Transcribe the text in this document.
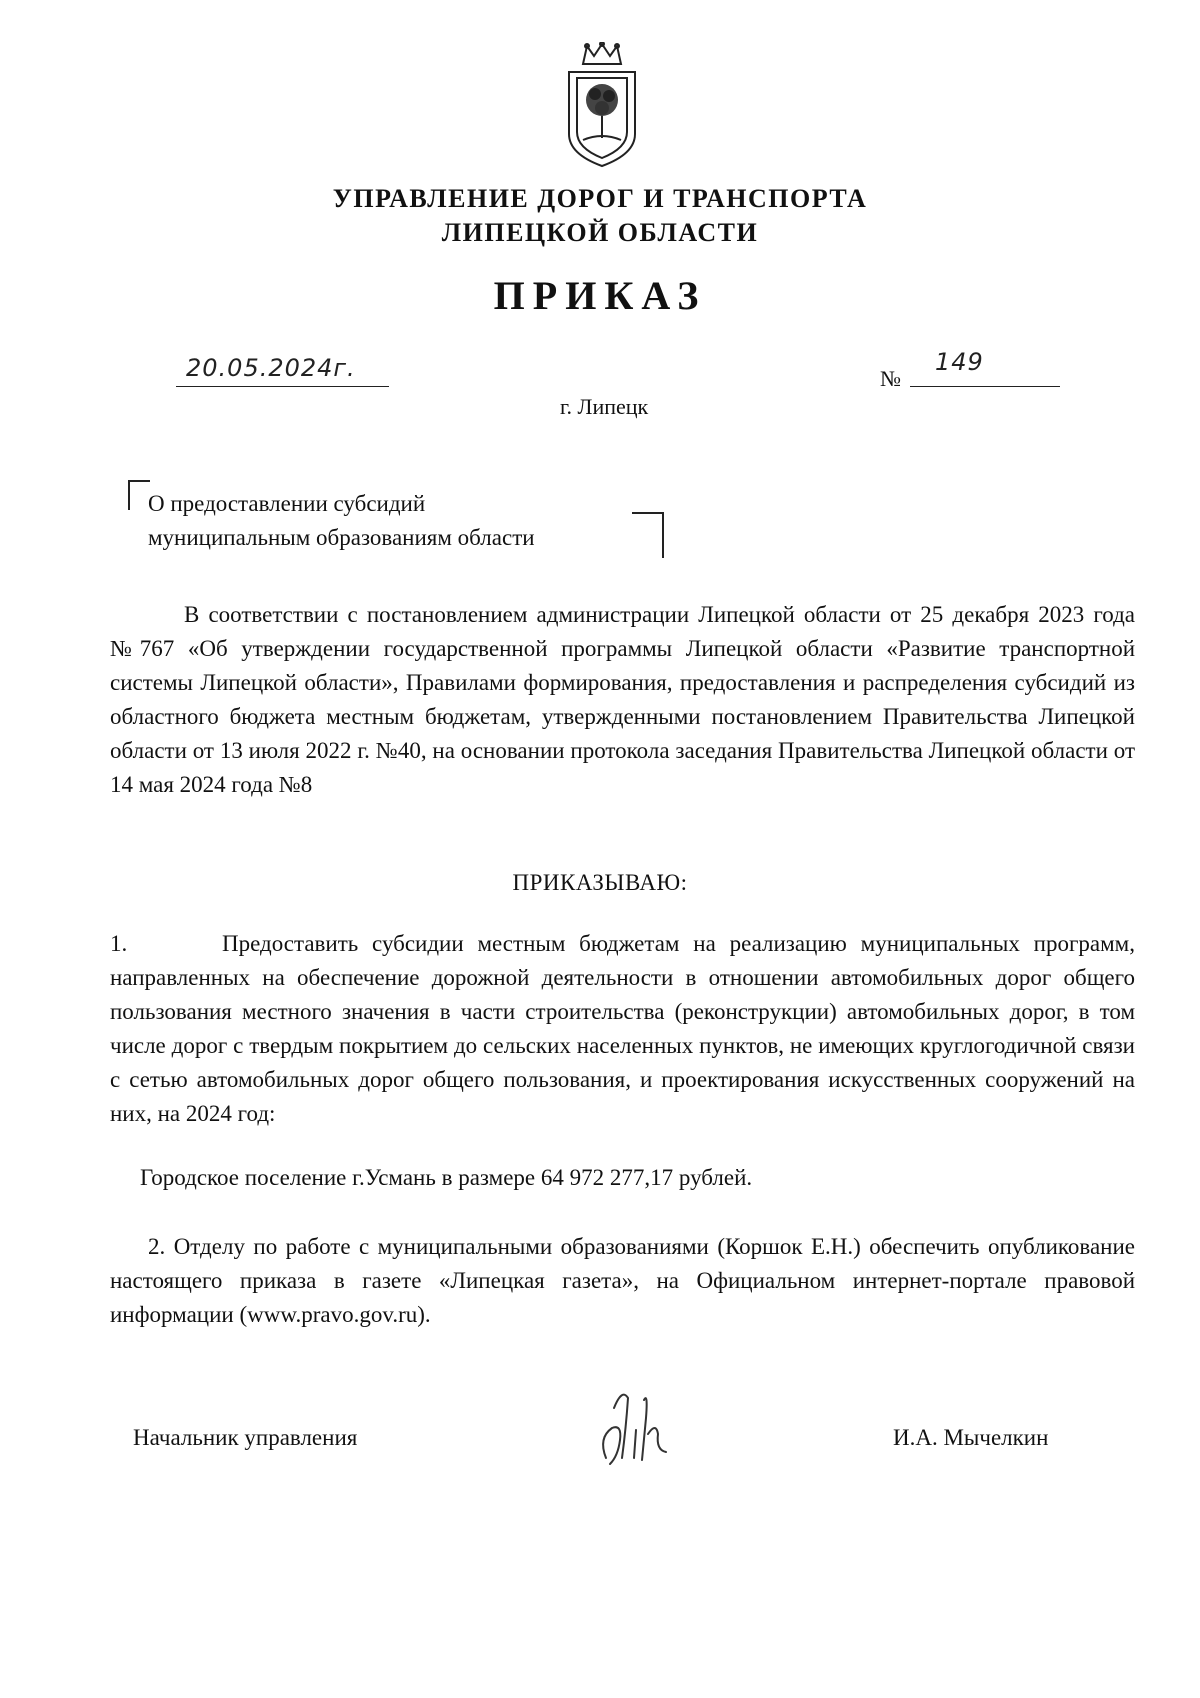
УПРАВЛЕНИЕ ДОРОГ И ТРАНСПОРТА
ЛИПЕЦКОЙ ОБЛАСТИ
ПРИКАЗ
20.05.2024г.	№
149
г. Липецк
О предоставлении субсидий
муниципальным образованиям области
В соответствии с постановлением администрации Липецкой области от 25 декабря 2023 года №767 «Об утверждении государственной программы Липецкой области «Развитие транспортной системы Липецкой области», Правилами формирования, предоставления и распределения субсидий из областного бюджета местным бюджетам, утвержденными постановлением Правительства Липецкой области от 13 июля 2022 г. №40, на основании протокола заседания Правительства Липецкой области от 14 мая 2024 года №8
ПРИКАЗЫВАЮ:
1.	Предоставить субсидии местным бюджетам на реализацию муниципальных программ, направленных на обеспечение дорожной деятельности в отношении автомобильных дорог общего пользования местного значения в части строительства (реконструкции) автомобильных дорог, в том числе дорог с твердым покрытием до сельских населенных пунктов, не имеющих круглогодичной связи с сетью автомобильных дорог общего пользования, и проектирования искусственных сооружений на них, на 2024 год:
Городское поселение г.Усмань в размере 64 972 277,17 рублей.
2. Отделу по работе с муниципальными образованиями (Коршок Е.Н.) обеспечить опубликование настоящего приказа в газете «Липецкая газета», на Официальном интернет-портале правовой информации (www.pravo.gov.ru).
Начальник управления	И.А. Мычелкин
